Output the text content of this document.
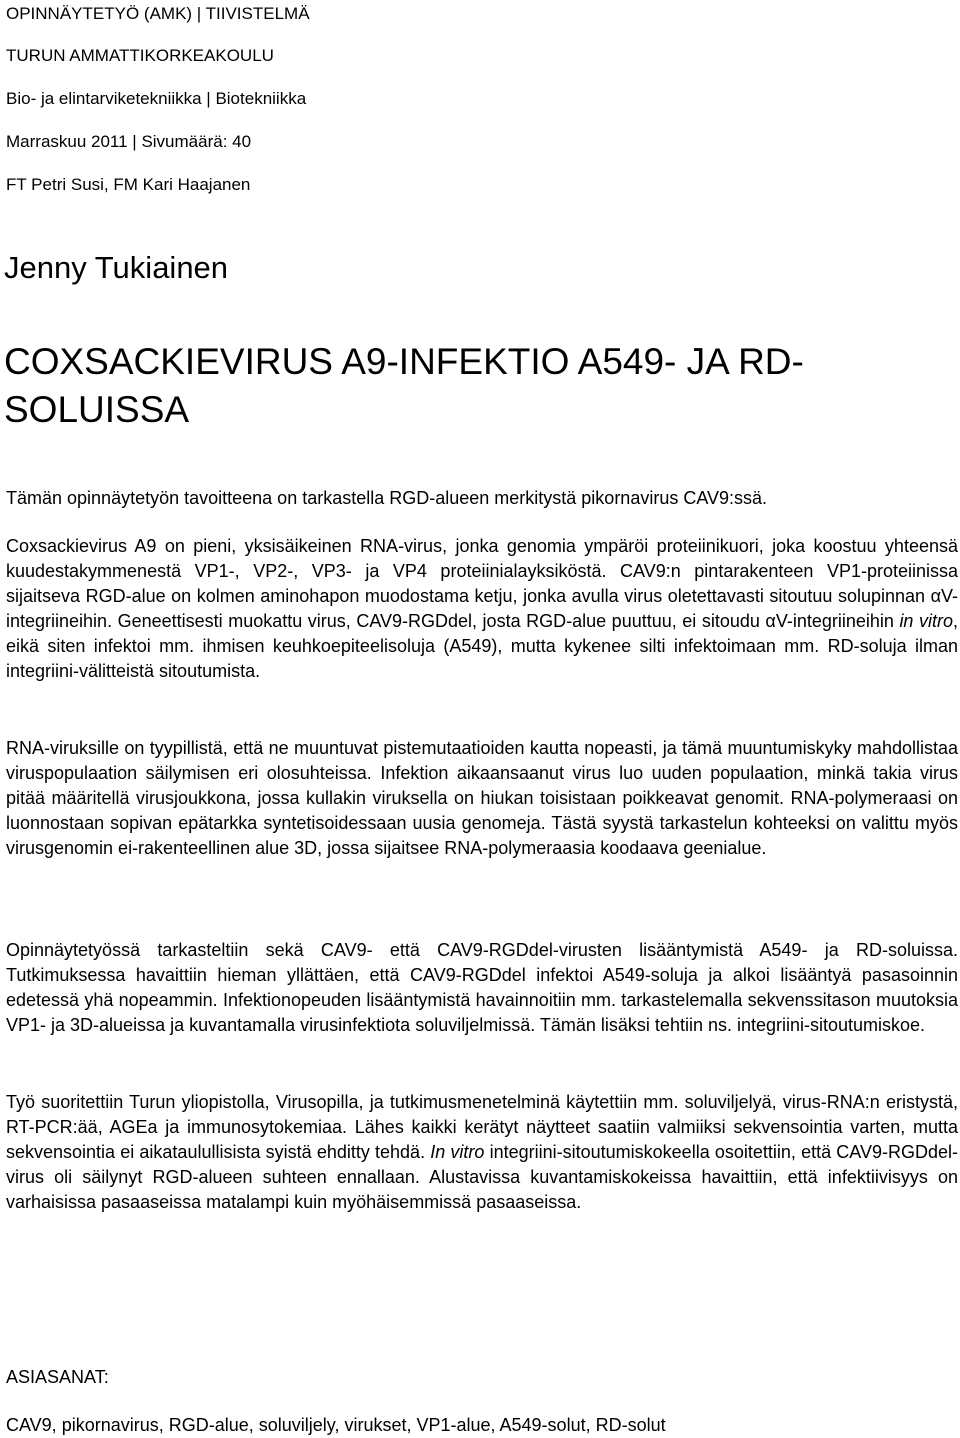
OPINNÄYTETYÖ (AMK) | TIIVISTELMÄ
TURUN AMMATTIKORKEAKOULU
Bio- ja elintarviketekniikka | Biotekniikka
Marraskuu 2011 | Sivumäärä: 40
FT Petri Susi, FM Kari Haajanen
Jenny Tukiainen
COXSACKIEVIRUS A9-INFEKTIO A549- JA RD-SOLUISSA
Tämän opinnäytetyön tavoitteena on tarkastella RGD-alueen merkitystä pikornavirus CAV9:ssä.

Coxsackievirus A9 on pieni, yksisäikeinen RNA-virus, jonka genomia ympäröi proteiinikuori, joka koostuu yhteensä kuudestakymmenestä VP1-, VP2-, VP3- ja VP4 proteiinialayksiköstä. CAV9:n pintarakenteen VP1-proteiinissa sijaitseva RGD-alue on kolmen aminohapon muodostama ketju, jonka avulla virus oletettavasti sitoutuu solupinnan αV-integriineihin. Geneettisesti muokattu virus, CAV9-RGDdel, josta RGD-alue puuttuu, ei sitoudu αV-integriineihin in vitro, eikä siten infektoi mm. ihmisen keuhkoepiteelisoluja (A549), mutta kykenee silti infektoimaan mm. RD-soluja ilman integriini-välitteistä sitoutumista.

RNA-viruksille on tyypillistä, että ne muuntuvat pistemutaatioiden kautta nopeasti, ja tämä muuntumiskyky mahdollistaa viruspopulaation säilymisen eri olosuhteissa. Infektion aikaansaanut virus luo uuden populaation, minkä takia virus pitää määritellä virusjoukkona, jossa kullakin viruksella on hiukan toisistaan poikkeavat genomit. RNA-polymeraasi on luonnostaan sopivan epätarkka syntetisoidessaan uusia genomeja. Tästä syystä tarkastelun kohteeksi on valittu myös virusgenomin ei-rakenteellinen alue 3D, jossa sijaitsee RNA-polymeraasia koodaava geenialue.

Opinnäytetyössä tarkasteltiin sekä CAV9- että CAV9-RGDdel-virusten lisääntymistä A549- ja RD-soluissa. Tutkimuksessa havaittiin hieman yllättäen, että CAV9-RGDdel infektoi A549-soluja ja alkoi lisääntyä pasasoinnin edetessä yhä nopeammin. Infektionopeuden lisääntymistä havainnoitiin mm. tarkastelemalla sekvenssitason muutoksia VP1- ja 3D-alueissa ja kuvantamalla virusinfektiota soluviljelmissä. Tämän lisäksi tehtiin ns. integriini-sitoutumiskoe.

Työ suoritettiin Turun yliopistolla, Virusopilla, ja tutkimusmenetelminä käytettiin mm. soluviljelyä, virus-RNA:n eristystä, RT-PCR:ää, AGEa ja immunosytokemiaa. Lähes kaikki kerätyt näytteet saatiin valmiiksi sekvensointia varten, mutta sekvensointia ei aikataulullisista syistä ehditty tehdä. In vitro integriini-sitoutumiskokeella osoitettiin, että CAV9-RGDdel-virus oli säilynyt RGD-alueen suhteen ennallaan. Alustavissa kuvantamiskokeissa havaittiin, että infektiivisyys on varhaisissa pasaaseissa matalampi kuin myöhäisemmissä pasaaseissa.

ASIASANAT:
CAV9, pikornavirus, RGD-alue, soluviljely, virukset, VP1-alue, A549-solut, RD-solut
